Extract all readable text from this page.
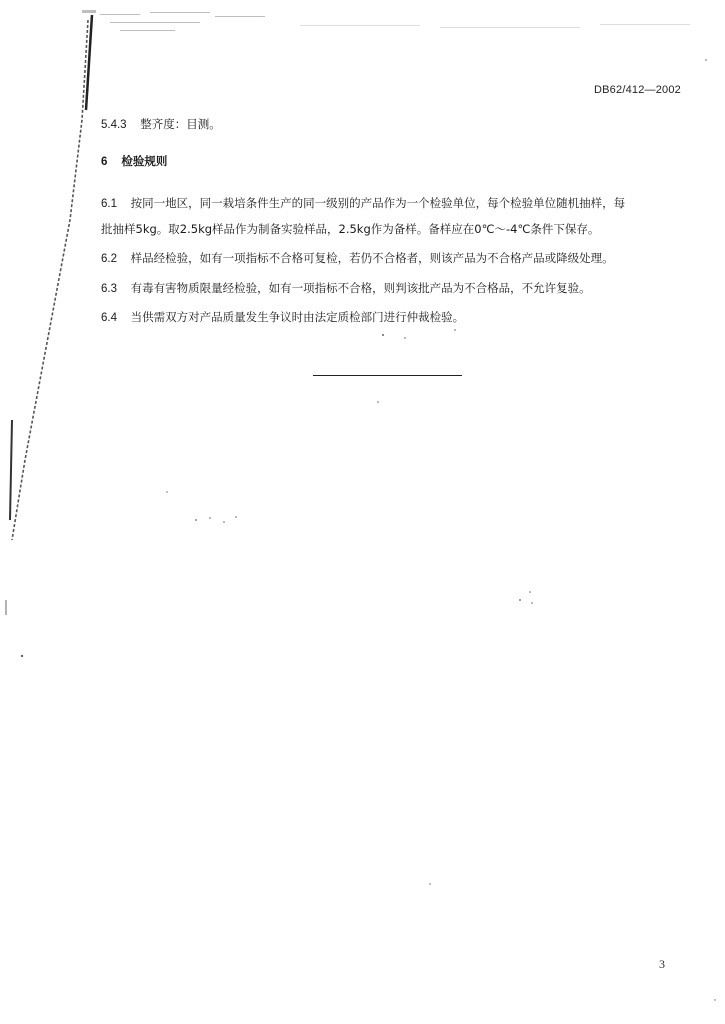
DB62/412—2002
5.4.3 整齐度：目测。
6 检验规则
6.1 按同一地区，同一栽培条件生产的同一级别的产品作为一个检验单位，每个检验单位随机抽样，每
批抽样5kg。取2.5kg样品作为制备实验样品，2.5kg作为备样。备样应在0℃～-4℃条件下保存。
6.2 样品经检验，如有一项指标不合格可复检，若仍不合格者，则该产品为不合格产品或降级处理。
6.3 有毒有害物质限量经检验，如有一项指标不合格，则判该批产品为不合格品，不允许复验。
6.4 当供需双方对产品质量发生争议时由法定质检部门进行仲裁检验。
3
